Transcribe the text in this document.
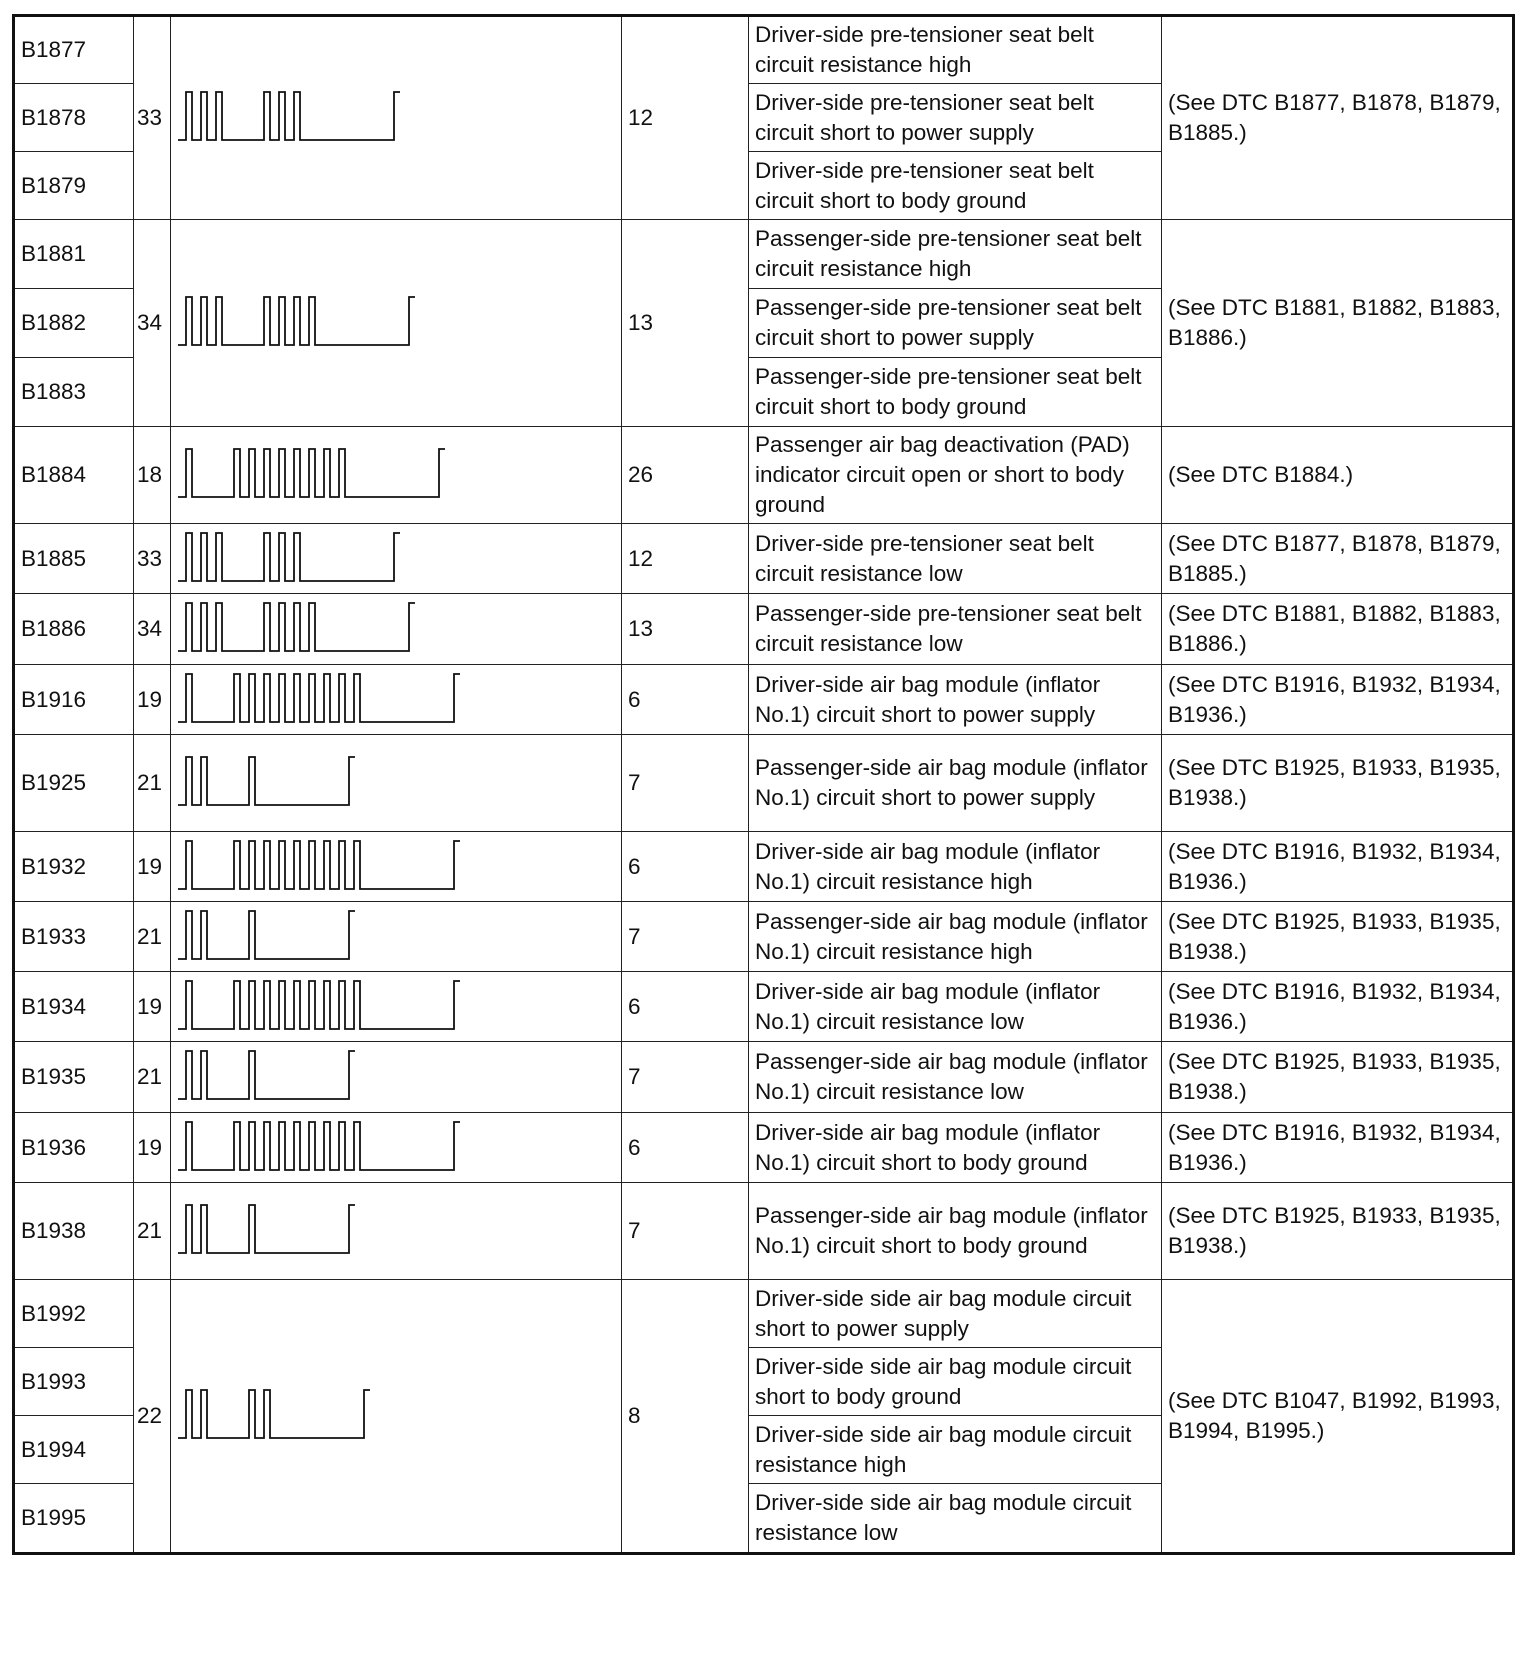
B1877	33		12	Driver-side pre-tensioner seat belt circuit resistance high	(See DTC B1877, B1878, B1879, B1885.)

B1878				Driver-side pre-tensioner seat belt circuit short to power supply	

B1879				Driver-side pre-tensioner seat belt circuit short to body ground	

B1881	34		13	Passenger-side pre-tensioner seat belt circuit resistance high	(See DTC B1881, B1882, B1883, B1886.)

B1882				Passenger-side pre-tensioner seat belt circuit short to power supply	

B1883				Passenger-side pre-tensioner seat belt circuit short to body ground	

B1884	18		26	Passenger air bag deactivation (PAD) indicator circuit open or short to body ground	(See DTC B1884.)

B1885	33		12	Driver-side pre-tensioner seat belt circuit resistance low	(See DTC B1877, B1878, B1879, B1885.)

B1886	34		13	Passenger-side pre-tensioner seat belt circuit resistance low	(See DTC B1881, B1882, B1883, B1886.)

B1916	19		6	Driver-side air bag module (inflator No.1) circuit short to power supply	(See DTC B1916, B1932, B1934, B1936.)

B1925	21		7	Passenger-side air bag module (inflator No.1) circuit short to power supply	(See DTC B1925, B1933, B1935, B1938.)

B1932	19		6	Driver-side air bag module (inflator No.1) circuit resistance high	(See DTC B1916, B1932, B1934, B1936.)

B1933	21		7	Passenger-side air bag module (inflator No.1) circuit resistance high	(See DTC B1925, B1933, B1935, B1938.)

B1934	19		6	Driver-side air bag module (inflator No.1) circuit resistance low	(See DTC B1916, B1932, B1934, B1936.)

B1935	21		7	Passenger-side air bag module (inflator No.1) circuit resistance low	(See DTC B1925, B1933, B1935, B1938.)

B1936	19		6	Driver-side air bag module (inflator No.1) circuit short to body ground	(See DTC B1916, B1932, B1934, B1936.)

B1938	21		7	Passenger-side air bag module (inflator No.1) circuit short to body ground	(See DTC B1925, B1933, B1935, B1938.)

B1992	22		8	Driver-side side air bag module circuit short to power supply	(See DTC B1047, B1992, B1993, B1994, B1995.)

B1993				Driver-side side air bag module circuit short to body ground	

B1994				Driver-side side air bag module circuit resistance high	

B1995				Driver-side side air bag module circuit resistance low	
